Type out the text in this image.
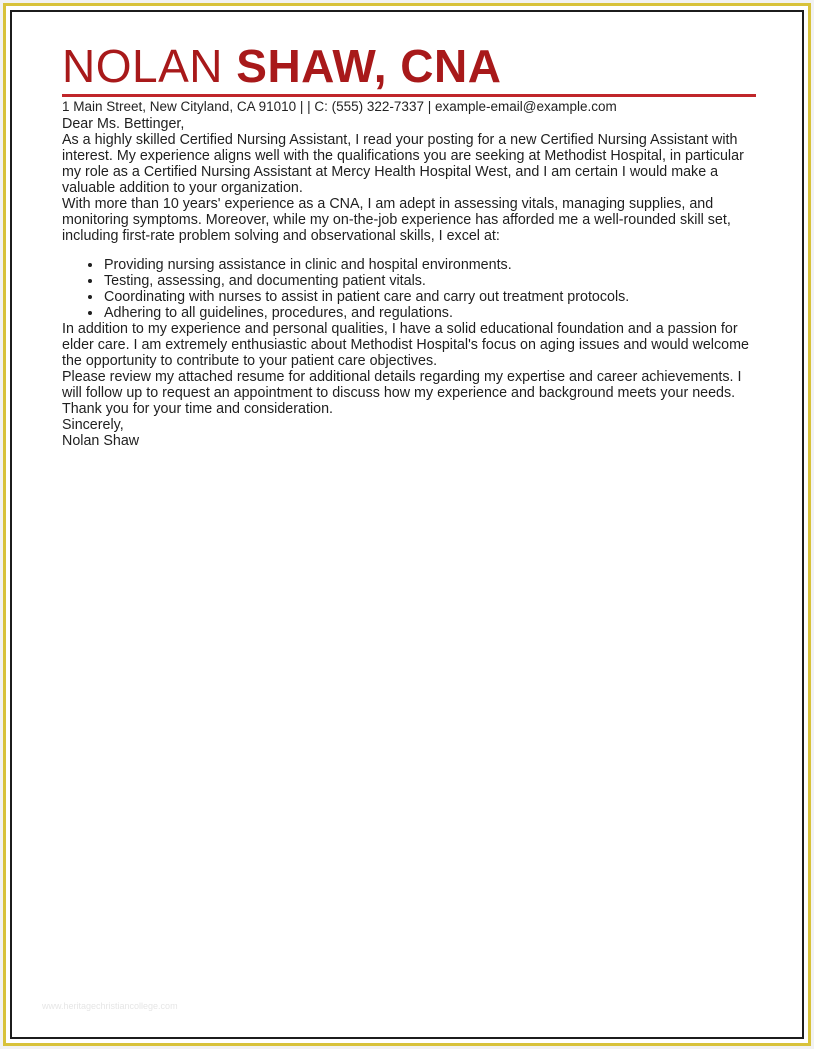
NOLAN SHAW, CNA
1 Main Street, New Cityland, CA 91010 | | C: (555) 322-7337 | example-email@example.com

Dear Ms. Bettinger,

As a highly skilled Certified Nursing Assistant, I read your posting for a new Certified Nursing Assistant with interest. My experience aligns well with the qualifications you are seeking at Methodist Hospital, in particular my role as a Certified Nursing Assistant at Mercy Health Hospital West, and I am certain I would make a valuable addition to your organization.

With more than 10 years' experience as a CNA, I am adept in assessing vitals, managing supplies, and monitoring symptoms. Moreover, while my on-the-job experience has afforded me a well-rounded skill set, including first-rate problem solving and observational skills, I excel at:

• Providing nursing assistance in clinic and hospital environments.
• Testing, assessing, and documenting patient vitals.
• Coordinating with nurses to assist in patient care and carry out treatment protocols.
• Adhering to all guidelines, procedures, and regulations.

In addition to my experience and personal qualities, I have a solid educational foundation and a passion for elder care. I am extremely enthusiastic about Methodist Hospital's focus on aging issues and would welcome the opportunity to contribute to your patient care objectives.

Please review my attached resume for additional details regarding my expertise and career achievements. I will follow up to request an appointment to discuss how my experience and background meets your needs.

Thank you for your time and consideration.

Sincerely,

Nolan Shaw

www.heritagechristiancollege.com
